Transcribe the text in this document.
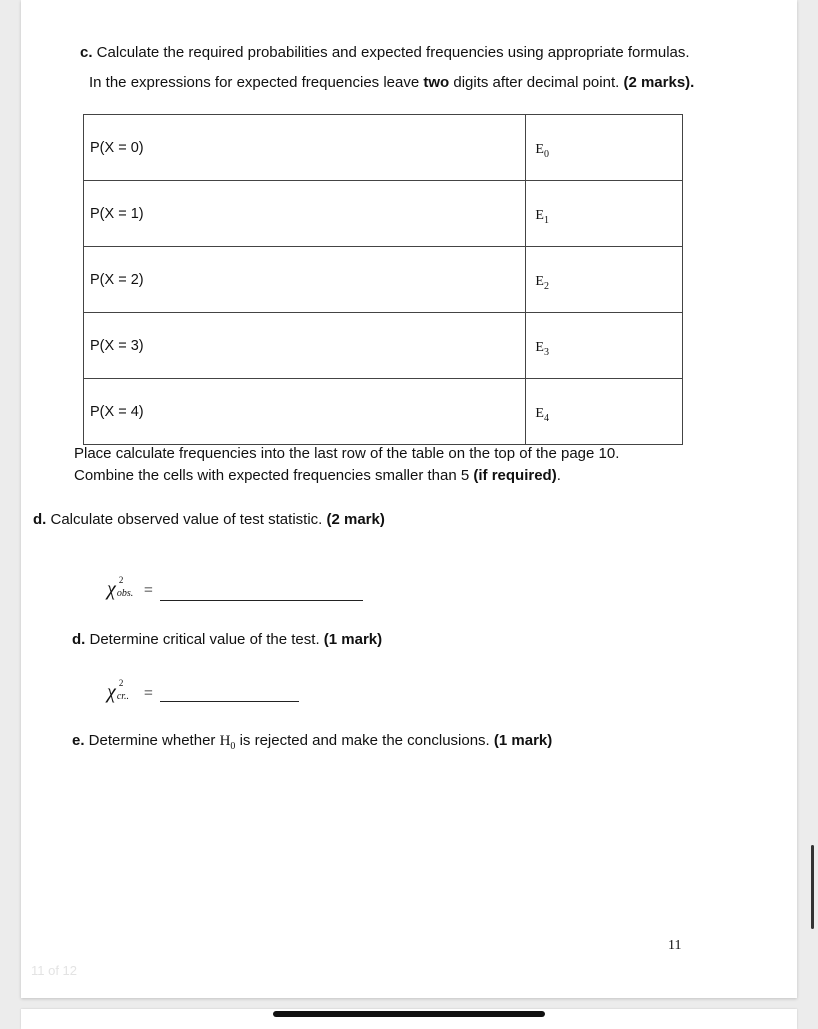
c. Calculate the required probabilities and expected frequencies using appropriate formulas.
In the expressions for expected frequencies leave two digits after decimal point. (2 marks).
P(X = 0)	$E_0$
P(X = 1)	$E_1$
P(X = 2)	$E_2$
P(X = 3)	$E_3$
P(X = 4)	$E_4$
Place calculate frequencies into the last row of the table on the top of the page 10.
Combine the cells with expected frequencies smaller than 5 (if required).
d. Calculate observed value of test statistic. (2 mark)
χ 2
obs. =
d. Determine critical value of the test. (1 mark)
χ 2
cr.. =
e. Determine whether $H_0$ is rejected and make the conclusions. (1 mark)
11
11 of 12
